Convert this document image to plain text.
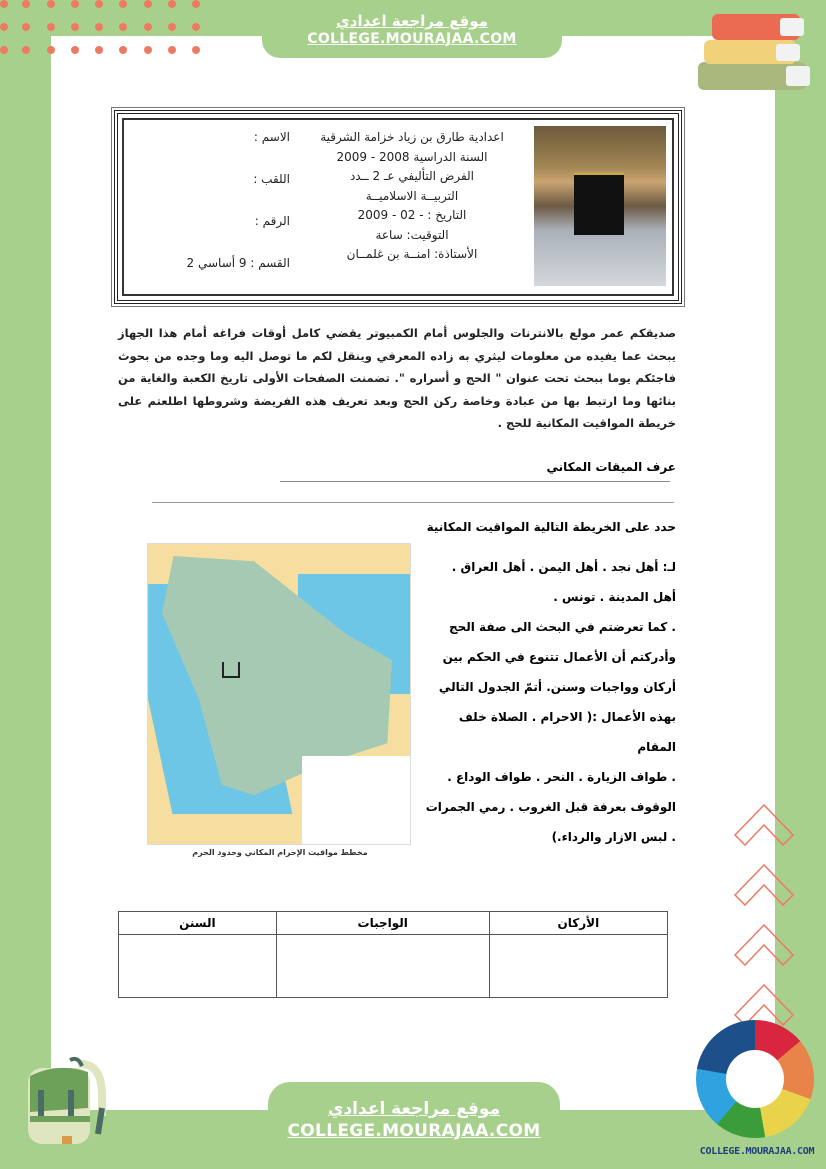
موقع مراجعة اعدادي
COLLEGE.MOURAJAA.COM
اعدادية طارق بن زياد خزامة الشرقية
السنة الدراسية 2008 - 2009
الفرض التأليفي عـ 2 ــدد
التربيــة الاسلاميــة
التاريخ : - 02 - 2009
التوقيت: ساعة
الأستاذة: امنــة بن غلمــان
الاسم :
اللقب :
الرقم :
القسم : 9 أساسي 2
صديقكم عمر مولع بالانترنات والجلوس أمام الكمبيوتر يقضي كامل أوقات فراغه أمام هذا الجهاز يبحث عما يفيده من معلومات ليثري به زاده المعرفي وينقل لكم ما توصل اليه وما وجده من بحوث فاجئكم يوما ببحث تحت عنوان " الحج و أسراره ". تضمنت الصفحات الأولى تاريخ الكعبة والغاية من بنائها وما ارتبط بها من عبادة وخاصة ركن الحج وبعد تعريف هذه الفريضة وشروطها اطلعتم على خريطة المواقيت المكانية للحج .
عرف الميقات المكاني
حدد على الخريطة التالية المواقيت المكانية
مخطط مواقيت الإحرام المكاني وحدود الحرم
لـ: أهل نجد . أهل اليمن . أهل العراق .
أهل المدينة . تونس .
. كما تعرضتم في البحث الى صفة الحج
وأدركتم أن الأعمال تتنوع في الحكم بين
أركان وواجبات وسنن. أتمّ الجدول التالي
بهذه الأعمال :( الاحرام . الصلاة خلف المقام
. طواف الزيارة . النحر . طواف الوداع .
الوقوف بعرفة قبل الغروب . رمي الجمرات
. لبس الازار والرداء.)
الأركان	الواجبات	السنن

موقع مراجعة اعدادي
COLLEGE.MOURAJAA.COM
COLLEGE.MOURAJAA.COM
